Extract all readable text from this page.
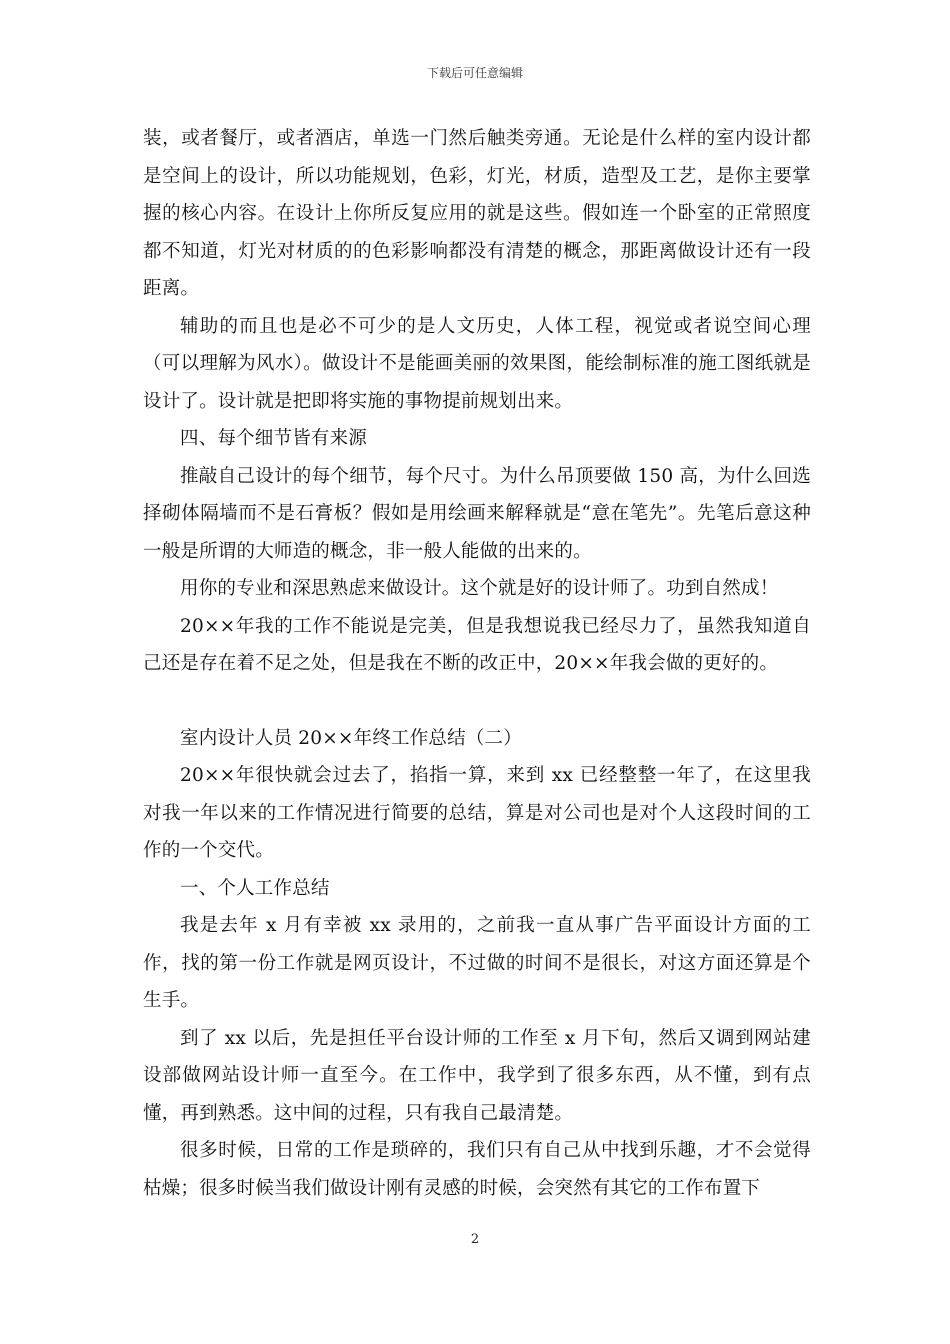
下载后可任意编辑

装，或者餐厅，或者酒店，单选一门然后触类旁通。无论是什么样的室内设计都是空间上的设计，所以功能规划，色彩，灯光，材质，造型及工艺，是你主要掌握的核心内容。在设计上你所反复应用的就是这些。假如连一个卧室的正常照度都不知道，灯光对材质的的色彩影响都没有清楚的概念，那距离做设计还有一段距离。

辅助的而且也是必不可少的是人文历史，人体工程，视觉或者说空间心理（可以理解为风水）。做设计不是能画美丽的效果图，能绘制标准的施工图纸就是设计了。设计就是把即将实施的事物提前规划出来。

四、每个细节皆有来源

推敲自己设计的每个细节，每个尺寸。为什么吊顶要做 150 高，为什么回选择砌体隔墙而不是石膏板？假如是用绘画来解释就是“意在笔先”。先笔后意这种一般是所谓的大师造的概念，非一般人能做的出来的。

用你的专业和深思熟虑来做设计。这个就是好的设计师了。功到自然成！

20××年我的工作不能说是完美，但是我想说我已经尽力了，虽然我知道自己还是存在着不足之处，但是我在不断的改正中，20××年我会做的更好的。

室内设计人员 20××年终工作总结（二）

20××年很快就会过去了，掐指一算，来到 xx 已经整整一年了，在这里我对我一年以来的工作情况进行简要的总结，算是对公司也是对个人这段时间的工作的一个交代。

一、个人工作总结

我是去年 x 月有幸被 xx 录用的，之前我一直从事广告平面设计方面的工作，找的第一份工作就是网页设计，不过做的时间不是很长，对这方面还算是个生手。

到了 xx 以后，先是担任平台设计师的工作至 x 月下旬，然后又调到网站建设部做网站设计师一直至今。在工作中，我学到了很多东西，从不懂，到有点懂，再到熟悉。这中间的过程，只有我自己最清楚。

很多时候，日常的工作是琐碎的，我们只有自己从中找到乐趣，才不会觉得枯燥；很多时候当我们做设计刚有灵感的时候，会突然有其它的工作布置下

2
